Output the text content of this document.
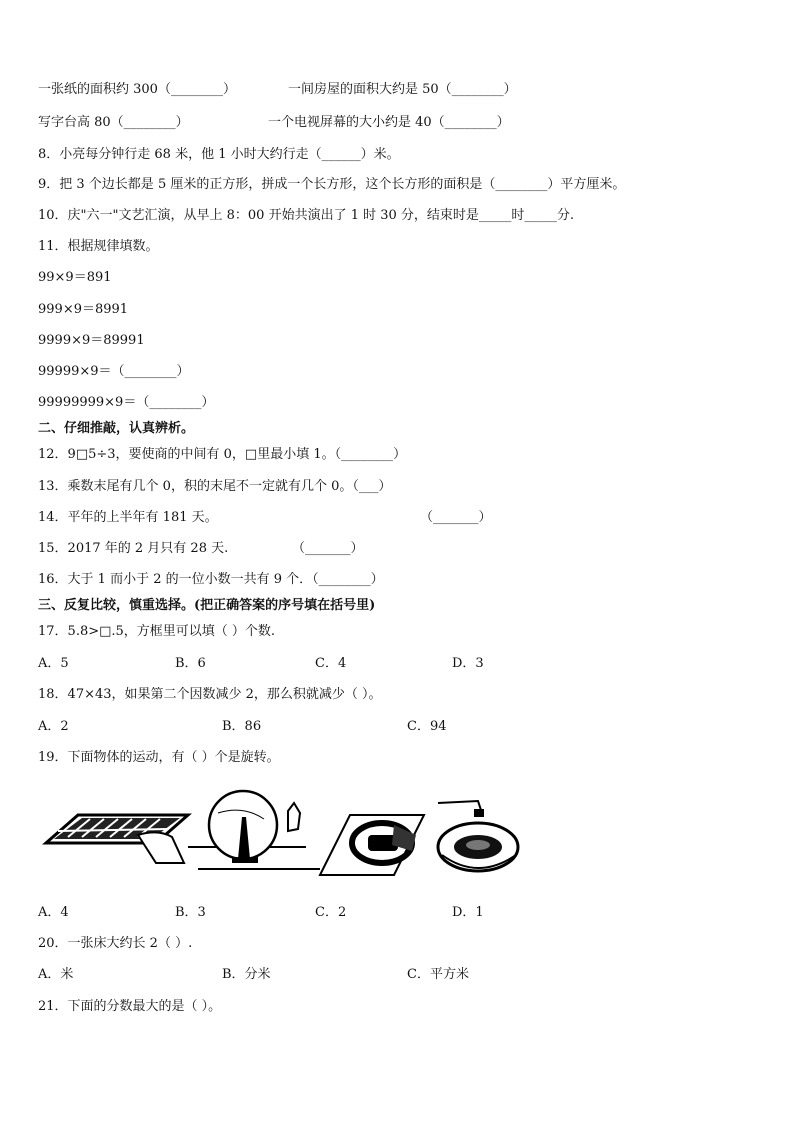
一张纸的面积约 300（________）	一间房屋的面积大约是 50（________）
写字台高 80（________）	一个电视屏幕的大小约是 40（________）
8．小亮每分钟行走 68 米，他 1 小时大约行走（______）米。
9．把 3 个边长都是 5 厘米的正方形，拼成一个长方形，这个长方形的面积是（________）平方厘米。
10．庆"六一"文艺汇演，从早上 8：00 开始共演出了 1 时 30 分，结束时是_____时_____分.
11．根据规律填数。
99×9＝891
999×9＝8991
9999×9＝89991
99999×9＝（________）
99999999×9＝（________）
二、仔细推敲，认真辨析。
12．9□5÷3，要使商的中间有 0，□里最小填 1。（________）
13．乘数末尾有几个 0，积的末尾不一定就有几个 0。（___）
14．平年的上半年有 181 天。	（_______）
15．2017 年的 2 月只有 28 天.	（_______）
16．大于 1 而小于 2 的一位小数一共有 9 个．（________）
三、反复比较，慎重选择。(把正确答案的序号填在括号里)
17．5.8>□.5，方框里可以填（ ）个数.
A．5	B．6	C．4	D．3
18．47×43，如果第二个因数减少 2，那么积就减少（ ）。
A．2	B．86	C．94
19．下面物体的运动，有（ ）个是旋转。
A．4	B．3	C．2	D．1
20．一张床大约长 2（ ）.
A．米	B．分米	C．平方米
21．下面的分数最大的是（ ）。
